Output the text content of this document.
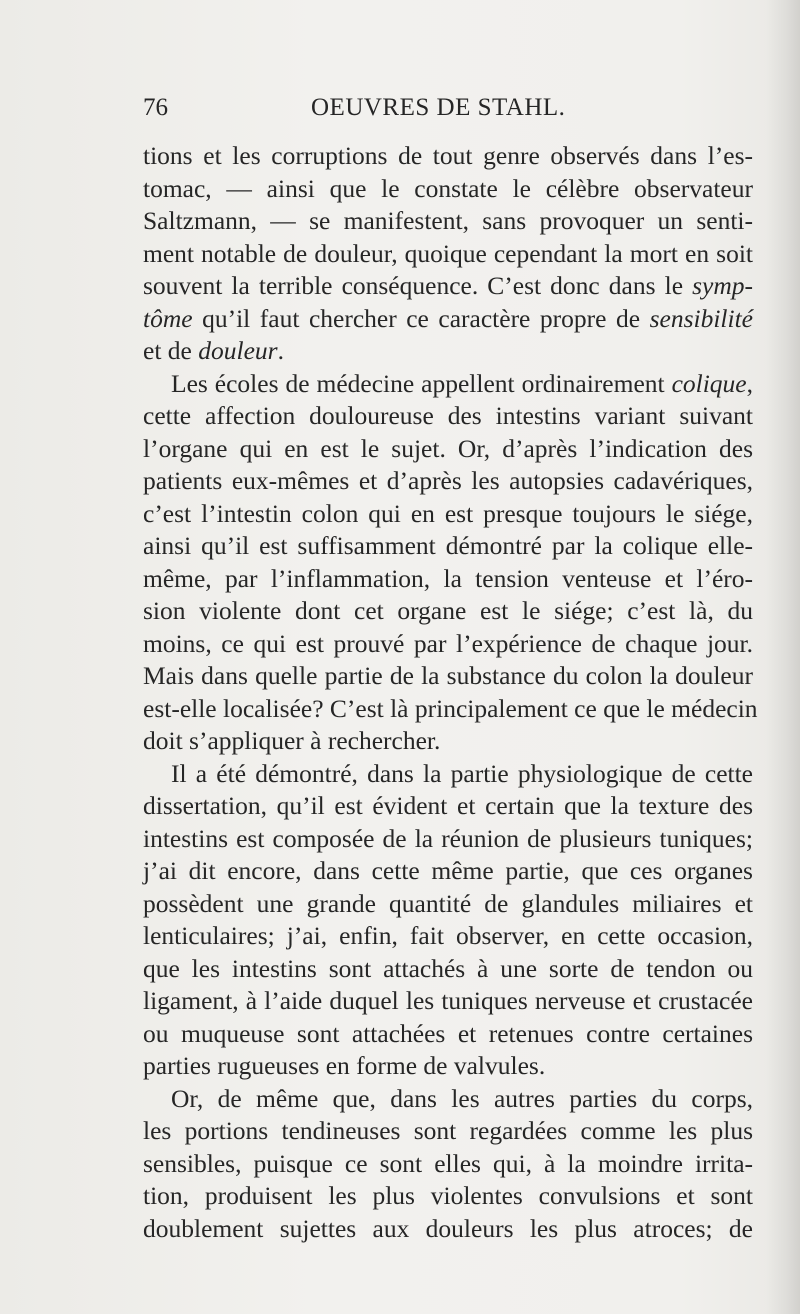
76	OEUVRES DE STAHL.
tions et les corruptions de tout genre observés dans l’es-
tomac, — ainsi que le constate le célèbre observateur
Saltzmann, — se manifestent, sans provoquer un senti-
ment notable de douleur, quoique cependant la mort en soit
souvent la terrible conséquence. C’est donc dans le symp-
tôme qu’il faut chercher ce caractère propre de sensibilité
et de douleur.
Les écoles de médecine appellent ordinairement colique,
cette affection douloureuse des intestins variant suivant
l’organe qui en est le sujet. Or, d’après l’indication des
patients eux-mêmes et d’après les autopsies cadavériques,
c’est l’intestin colon qui en est presque toujours le siége,
ainsi qu’il est suffisamment démontré par la colique elle-
même, par l’inflammation, la tension venteuse et l’éro-
sion violente dont cet organe est le siége; c’est là, du
moins, ce qui est prouvé par l’expérience de chaque jour.
Mais dans quelle partie de la substance du colon la douleur
est-elle localisée? C’est là principalement ce que le médecin
doit s’appliquer à rechercher.
Il a été démontré, dans la partie physiologique de cette
dissertation, qu’il est évident et certain que la texture des
intestins est composée de la réunion de plusieurs tuniques;
j’ai dit encore, dans cette même partie, que ces organes
possèdent une grande quantité de glandules miliaires et
lenticulaires; j’ai, enfin, fait observer, en cette occasion,
que les intestins sont attachés à une sorte de tendon ou
ligament, à l’aide duquel les tuniques nerveuse et crustacée
ou muqueuse sont attachées et retenues contre certaines
parties rugueuses en forme de valvules.
Or, de même que, dans les autres parties du corps,
les portions tendineuses sont regardées comme les plus
sensibles, puisque ce sont elles qui, à la moindre irrita-
tion, produisent les plus violentes convulsions et sont
doublement sujettes aux douleurs les plus atroces; de
